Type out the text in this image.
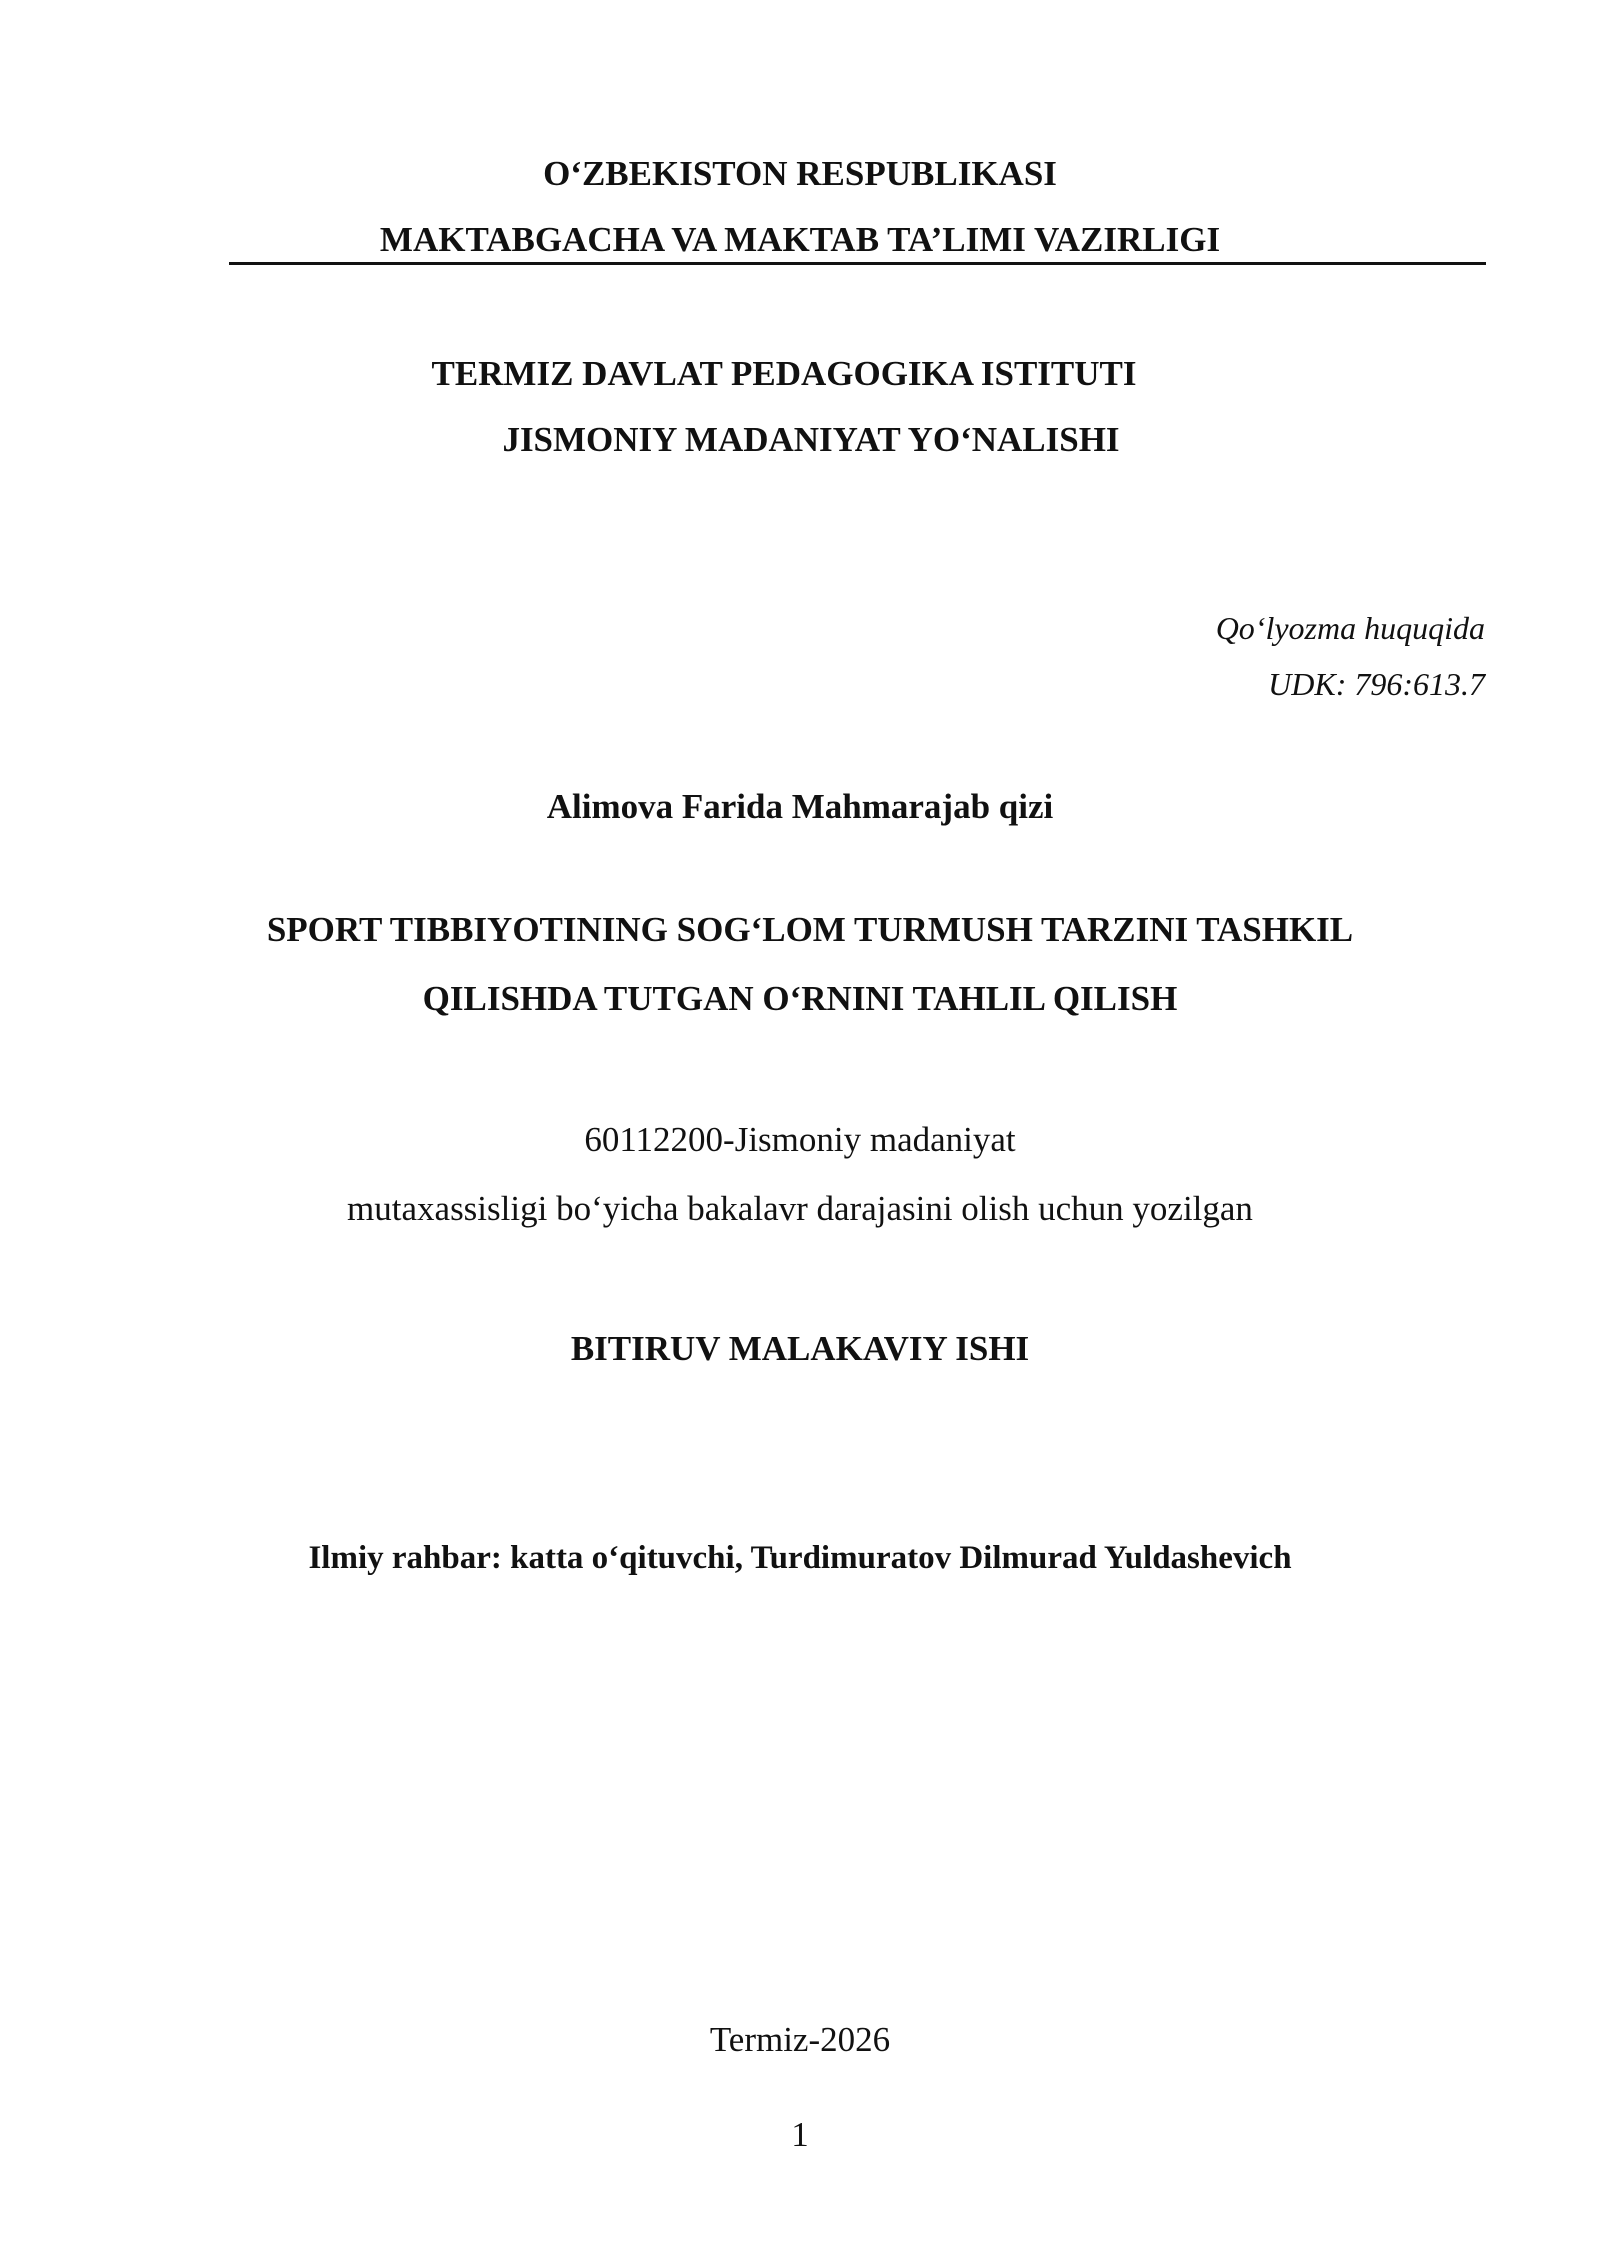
O‘ZBEKISTON RESPUBLIKASI
MAKTABGACHA VA MAKTAB TA’LIMI VAZIRLIGI
TERMIZ DAVLAT PEDAGOGIKA ISTITUTI
JISMONIY MADANIYAT YO‘NALISHI
Qo‘lyozma huquqida
UDK: 796:613.7
Alimova Farida Mahmarajab qizi
SPORT TIBBIYOTINING SOG‘LOM TURMUSH TARZINI TASHKIL
QILISHDA TUTGAN O‘RNINI TAHLIL QILISH
60112200-Jismoniy madaniyat
mutaxassisligi bo‘yicha bakalavr darajasini olish uchun yozilgan
BITIRUV MALAKAVIY ISHI
Ilmiy rahbar: katta o‘qituvchi, Turdimuratov Dilmurad Yuldashevich
Termiz-2026
1
